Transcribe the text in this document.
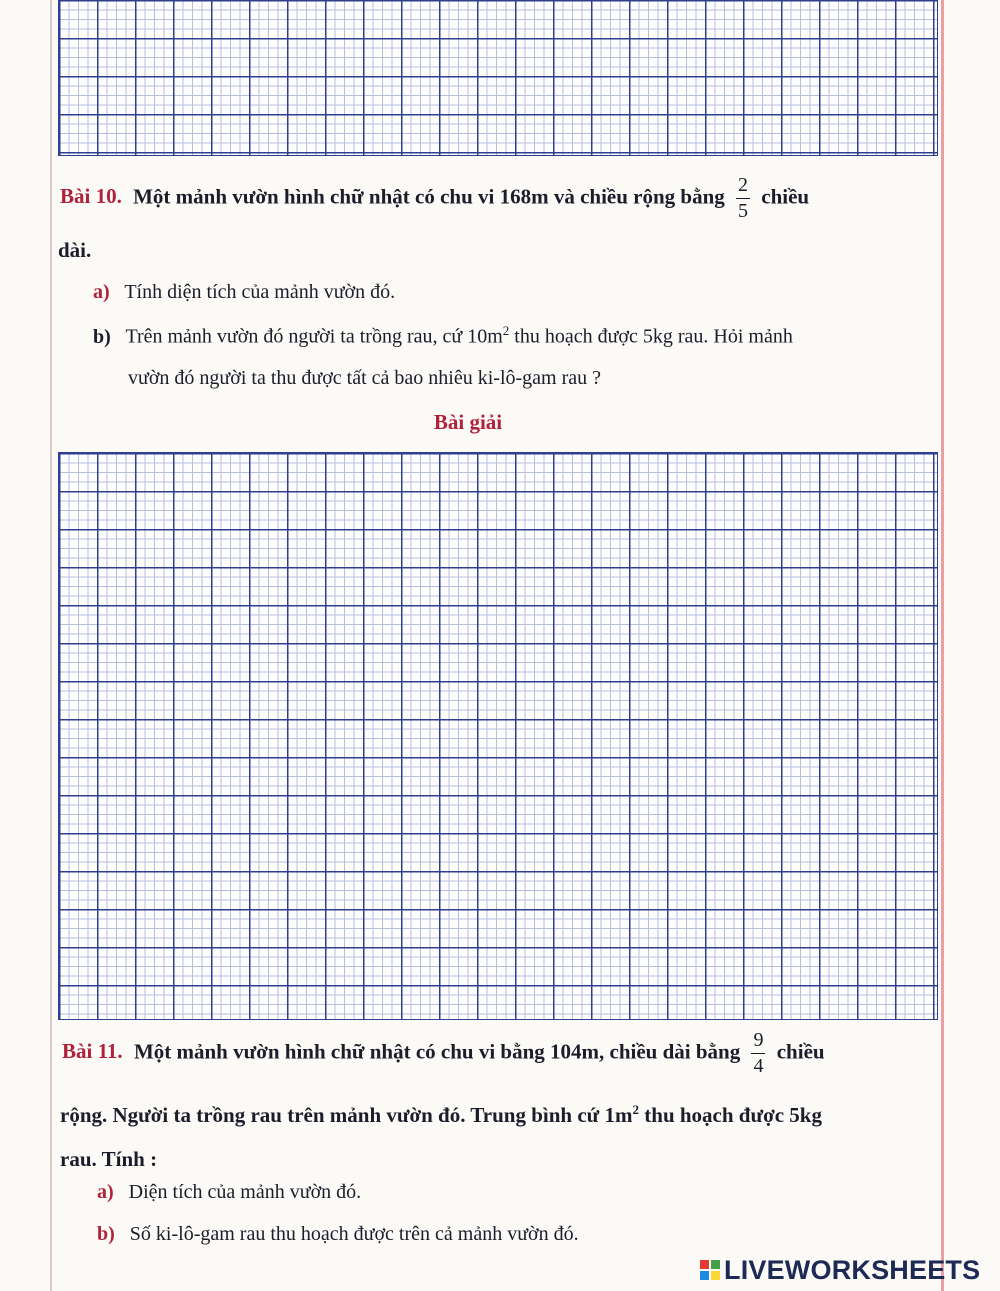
Bài 10. Một mảnh vườn hình chữ nhật có chu vi 168m và chiều rộng bằng $\frac{2}{5}$ chiều
dài.
a) Tính diện tích của mảnh vườn đó.
b) Trên mảnh vườn đó người ta trồng rau, cứ $10m^2$ thu hoạch được 5kg rau. Hỏi mảnh
vườn đó người ta thu được tất cả bao nhiêu ki-lô-gam rau ?
Bài giải
Bài 11. Một mảnh vườn hình chữ nhật có chu vi bằng 104m, chiều dài bằng $\frac{9}{4}$ chiều
rộng. Người ta trồng rau trên mảnh vườn đó. Trung bình cứ $1m^2$ thu hoạch được 5kg
rau. Tính :
a) Diện tích của mảnh vườn đó.
b) Số ki-lô-gam rau thu hoạch được trên cả mảnh vườn đó.
LIVEWORKSHEETS
